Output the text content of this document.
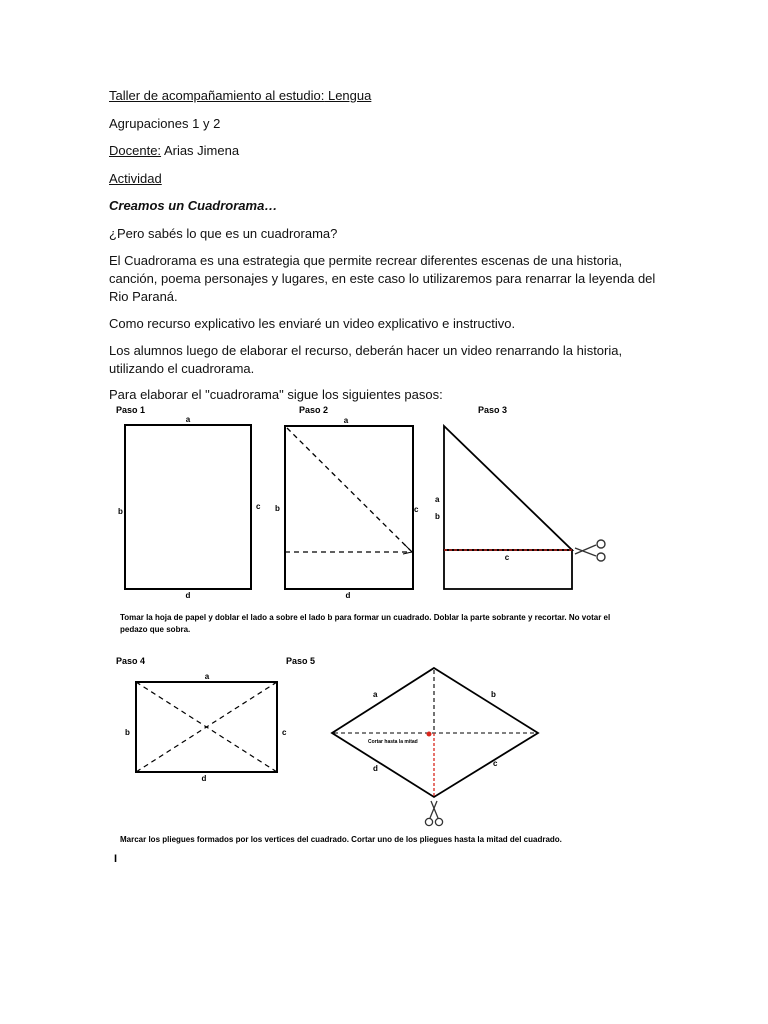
Taller de acompañamiento al estudio: Lengua
Agrupaciones 1 y 2
Docente: Arias Jimena
Actividad
Creamos un Cuadrorama…
¿Pero sabés lo que es un cuadrorama?
El Cuadrorama es una estrategia que permite recrear diferentes escenas de una historia, canción, poema personajes y lugares, en este caso lo utilizaremos para renarrar la leyenda del Rio Paraná.
Como recurso explicativo les enviaré un video explicativo e instructivo.
Los alumnos luego de elaborar el recurso, deberán hacer un video renarrando la historia, utilizando el cuadrorama.
Para elaborar el "cuadrorama" sigue los siguientes pasos:
Paso 1
a
b
c
d
Paso 2
a
b	c
d
Paso 3
a
b
c
Tomar la hoja de papel y doblar el lado a sobre el lado b para formar un cuadrado. Doblar la parte sobrante y recortar. No votar el
pedazo que sobra.
Paso 4
a
b	c
d
Paso 5
a	b
d
c
Cortar hasta la mitad
Marcar los pliegues formados por los vertices del cuadrado. Cortar uno de los pliegues hasta la mitad del cuadrado.
I
